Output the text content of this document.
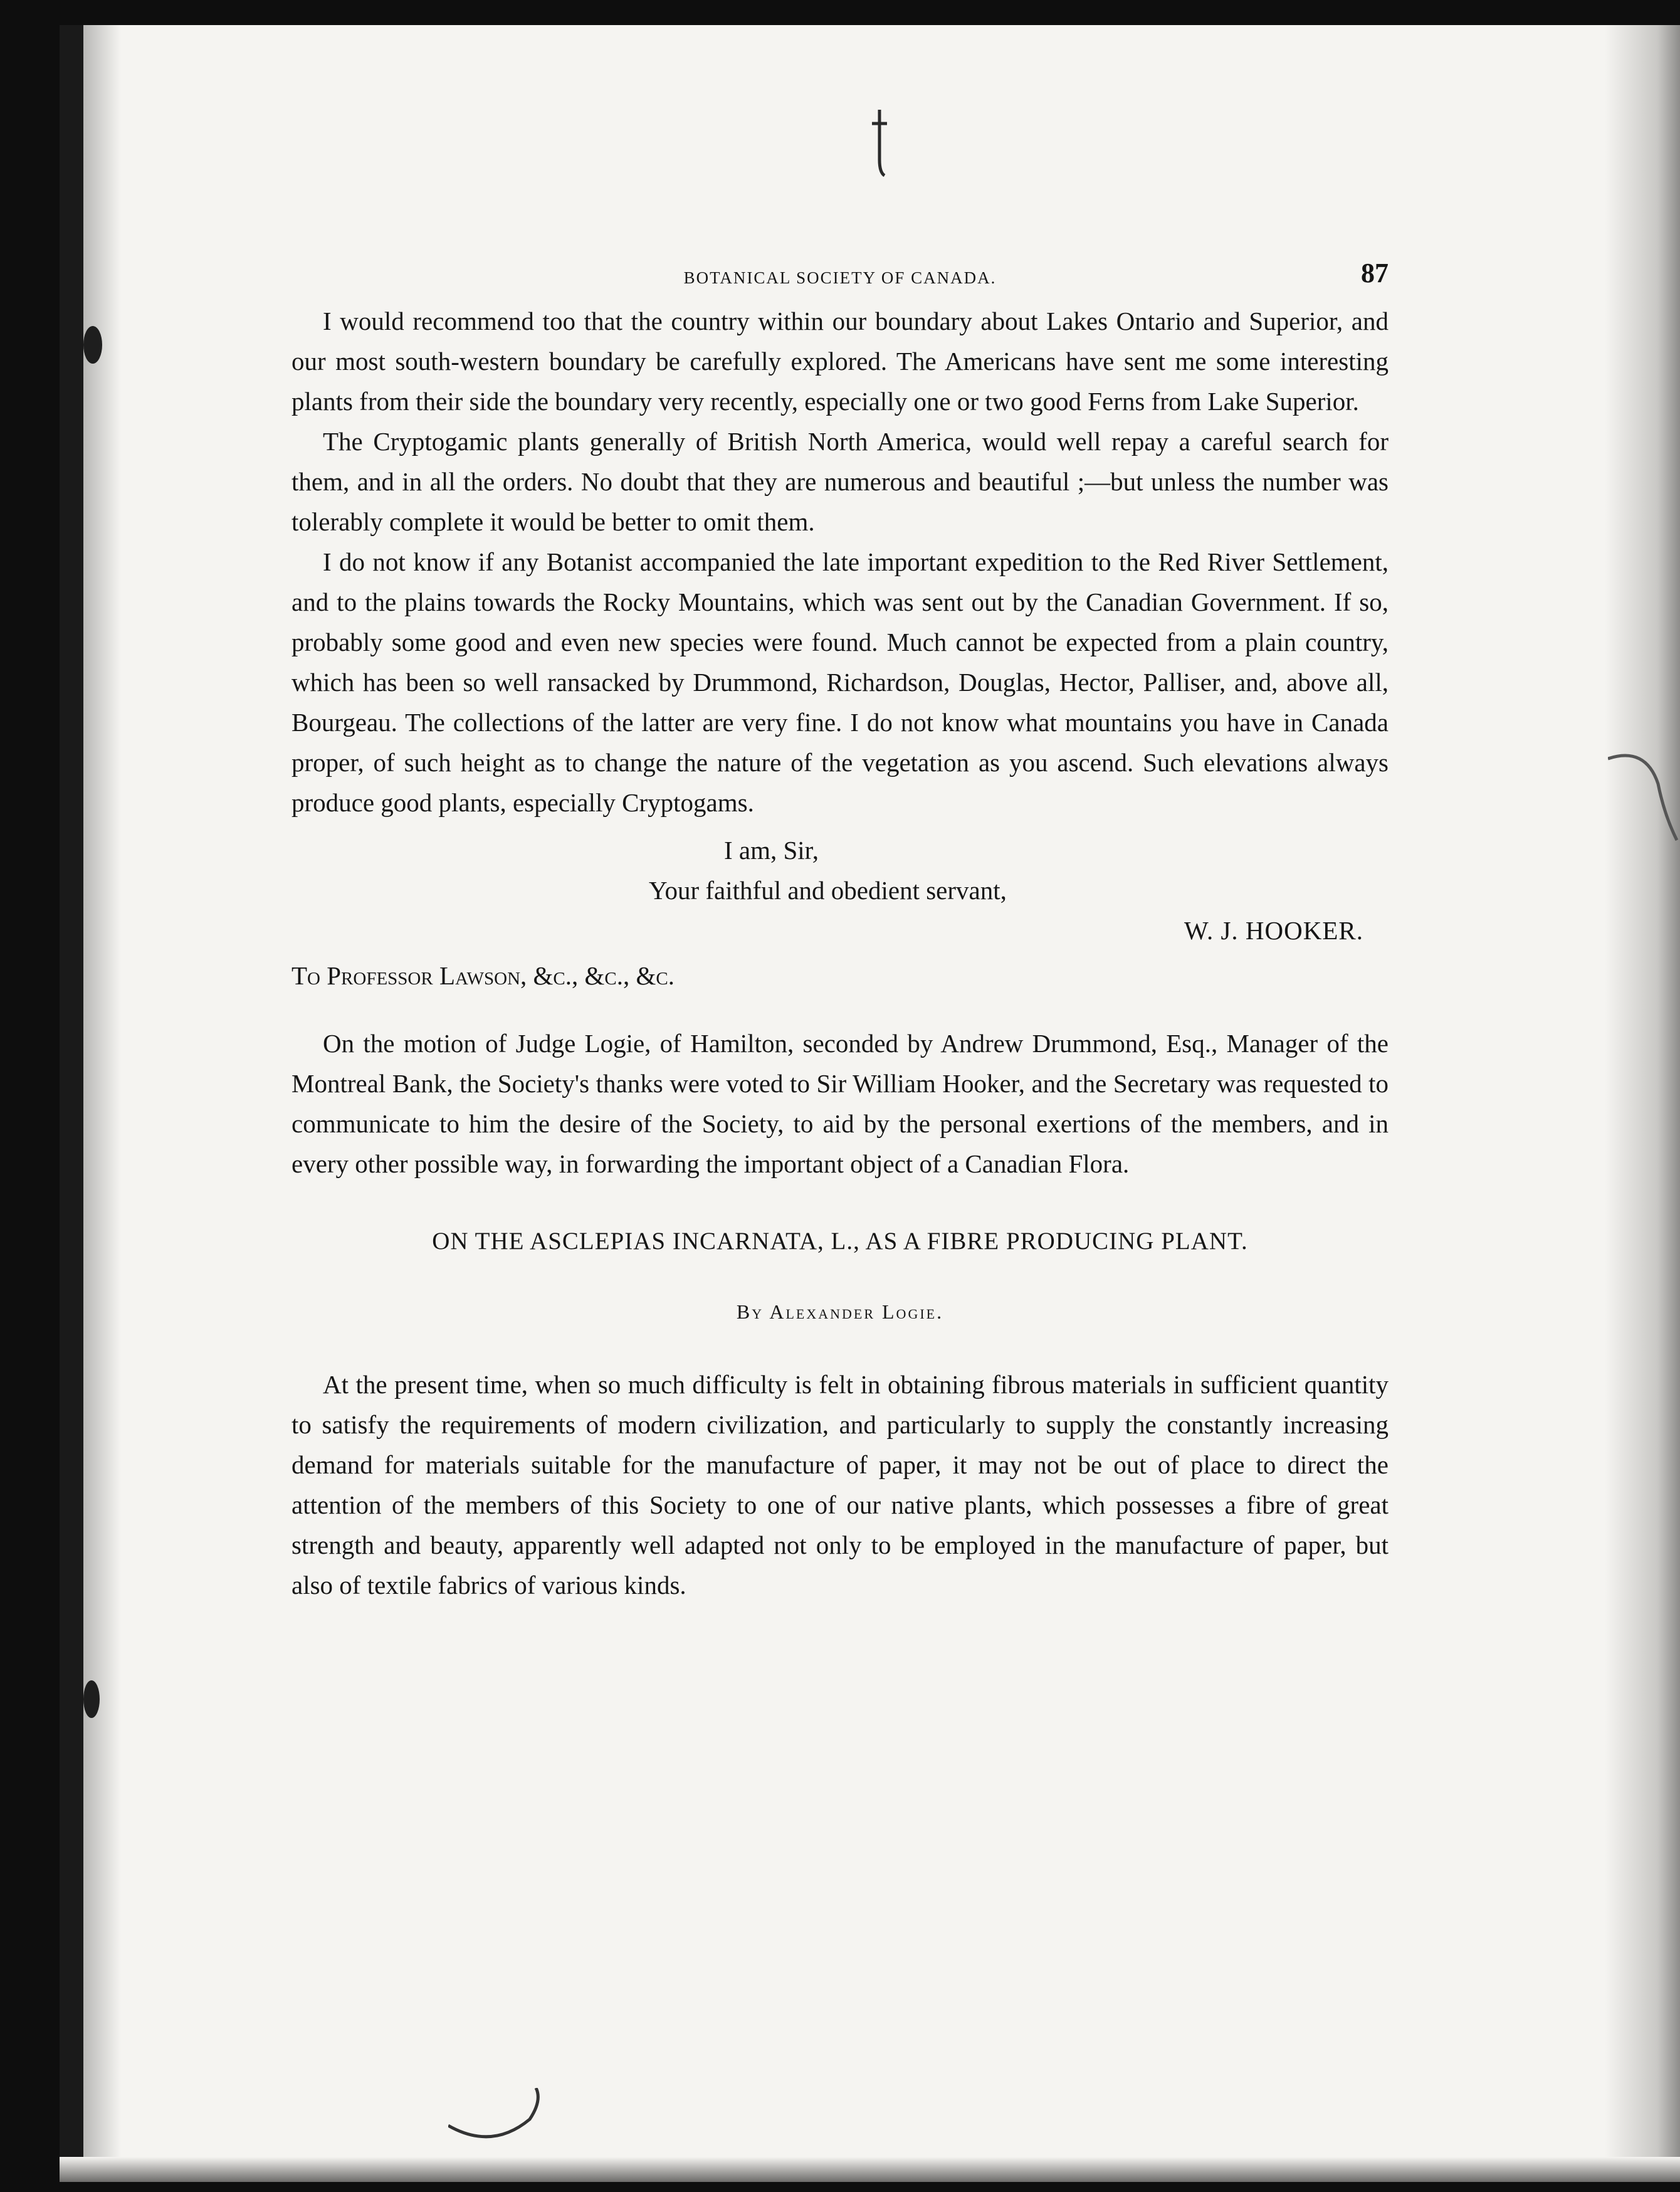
BOTANICAL SOCIETY OF CANADA.	87

I would recommend too that the country within our boundary about Lakes Ontario and Superior, and our most south-western boundary be carefully explored. The Americans have sent me some interesting plants from their side the boundary very recently, especially one or two good Ferns from Lake Superior.

The Cryptogamic plants generally of British North America, would well repay a careful search for them, and in all the orders. No doubt that they are numerous and beautiful ;—but unless the number was tolerably complete it would be better to omit them.

I do not know if any Botanist accompanied the late important expedition to the Red River Settlement, and to the plains towards the Rocky Mountains, which was sent out by the Canadian Government. If so, probably some good and even new species were found. Much cannot be expected from a plain country, which has been so well ransacked by Drummond, Richardson, Douglas, Hector, Palliser, and, above all, Bourgeau. The collections of the latter are very fine. I do not know what mountains you have in Canada proper, of such height as to change the nature of the vegetation as you ascend. Such elevations always produce good plants, especially Cryptogams.

I am, Sir,
Your faithful and obedient servant,
W. J. HOOKER.
To Professor Lawson, &c., &c., &c.

On the motion of Judge Logie, of Hamilton, seconded by Andrew Drummond, Esq., Manager of the Montreal Bank, the Society's thanks were voted to Sir William Hooker, and the Secretary was requested to communicate to him the desire of the Society, to aid by the personal exertions of the members, and in every other possible way, in forwarding the important object of a Canadian Flora.

ON THE ASCLEPIAS INCARNATA, L., AS A FIBRE PRODUCING PLANT.
By Alexander Logie.

At the present time, when so much difficulty is felt in obtaining fibrous materials in sufficient quantity to satisfy the requirements of modern civilization, and particularly to supply the constantly increasing demand for materials suitable for the manufacture of paper, it may not be out of place to direct the attention of the members of this Society to one of our native plants, which possesses a fibre of great strength and beauty, apparently well adapted not only to be employed in the manufacture of paper, but also of textile fabrics of various kinds.
